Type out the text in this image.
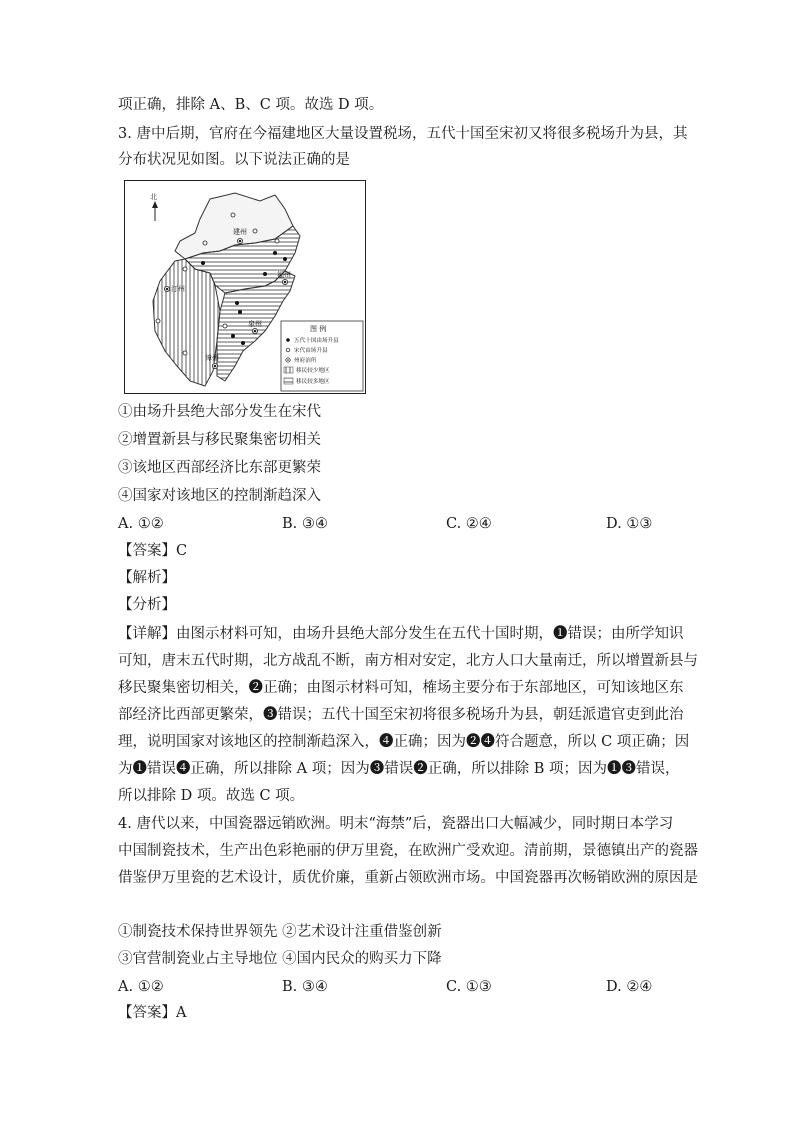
项正确，排除 A、B、C 项。故选 D 项。
3. 唐中后期，官府在今福建地区大量设置税场，五代十国至宋初又将很多税场升为县，其
分布状况见如图。以下说法正确的是
北
建州
汀州
福州
泉州
漳州
图 例
五代十国由场升县
宋代由场升县
州府治所
移民较少地区
移民较多地区
①由场升县绝大部分发生在宋代
②增置新县与移民聚集密切相关
③该地区西部经济比东部更繁荣
④国家对该地区的控制渐趋深入
A. ①②	B. ③④	C. ②④	D. ①③
【答案】C
【解析】
【分析】
【详解】由图示材料可知，由场升县绝大部分发生在五代十国时期，❶错误；由所学知识
可知，唐末五代时期，北方战乱不断，南方相对安定，北方人口大量南迁，所以增置新县与
移民聚集密切相关，❷正确；由图示材料可知，榷场主要分布于东部地区，可知该地区东
部经济比西部更繁荣，❸错误；五代十国至宋初将很多税场升为县，朝廷派遣官吏到此治
理，说明国家对该地区的控制渐趋深入，❹正确；因为❷❹符合题意，所以 C 项正确；因
为❶错误❹正确，所以排除 A 项；因为❸错误❷正确，所以排除 B 项；因为❶❸错误，
所以排除 D 项。故选 C 项。
4. 唐代以来，中国瓷器远销欧洲。明末“海禁”后，瓷器出口大幅减少，同时期日本学习
中国制瓷技术，生产出色彩艳丽的伊万里瓷，在欧洲广受欢迎。清前期，景德镇出产的瓷器
借鉴伊万里瓷的艺术设计，质优价廉，重新占领欧洲市场。中国瓷器再次畅销欧洲的原因是
①制瓷技术保持世界领先 ②艺术设计注重借鉴创新
③官营制瓷业占主导地位 ④国内民众的购买力下降
A. ①②	B. ③④	C. ①③	D. ②④
【答案】A
